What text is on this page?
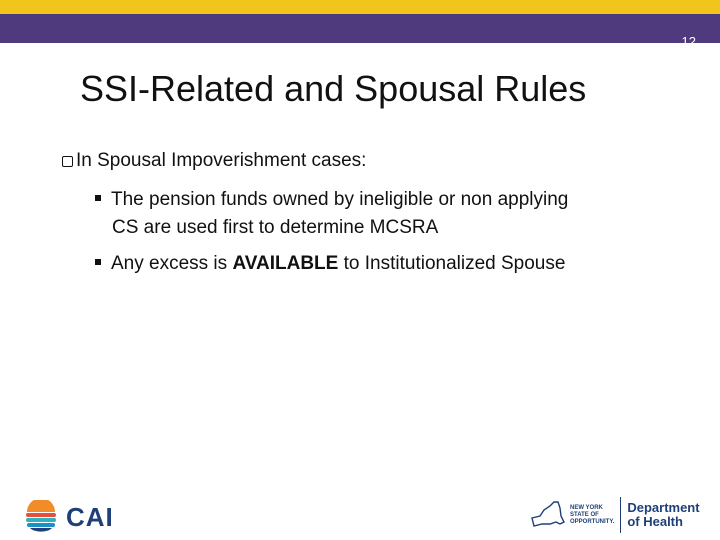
12
SSI-Related and Spousal Rules
In Spousal Impoverishment cases:
The pension funds owned by ineligible or non applying
CS are used first to determine MCSRA
Any excess is AVAILABLE to Institutionalized Spouse
CAI	NEW YORK
STATE OF
OPPORTUNITY.
Department
of Health
